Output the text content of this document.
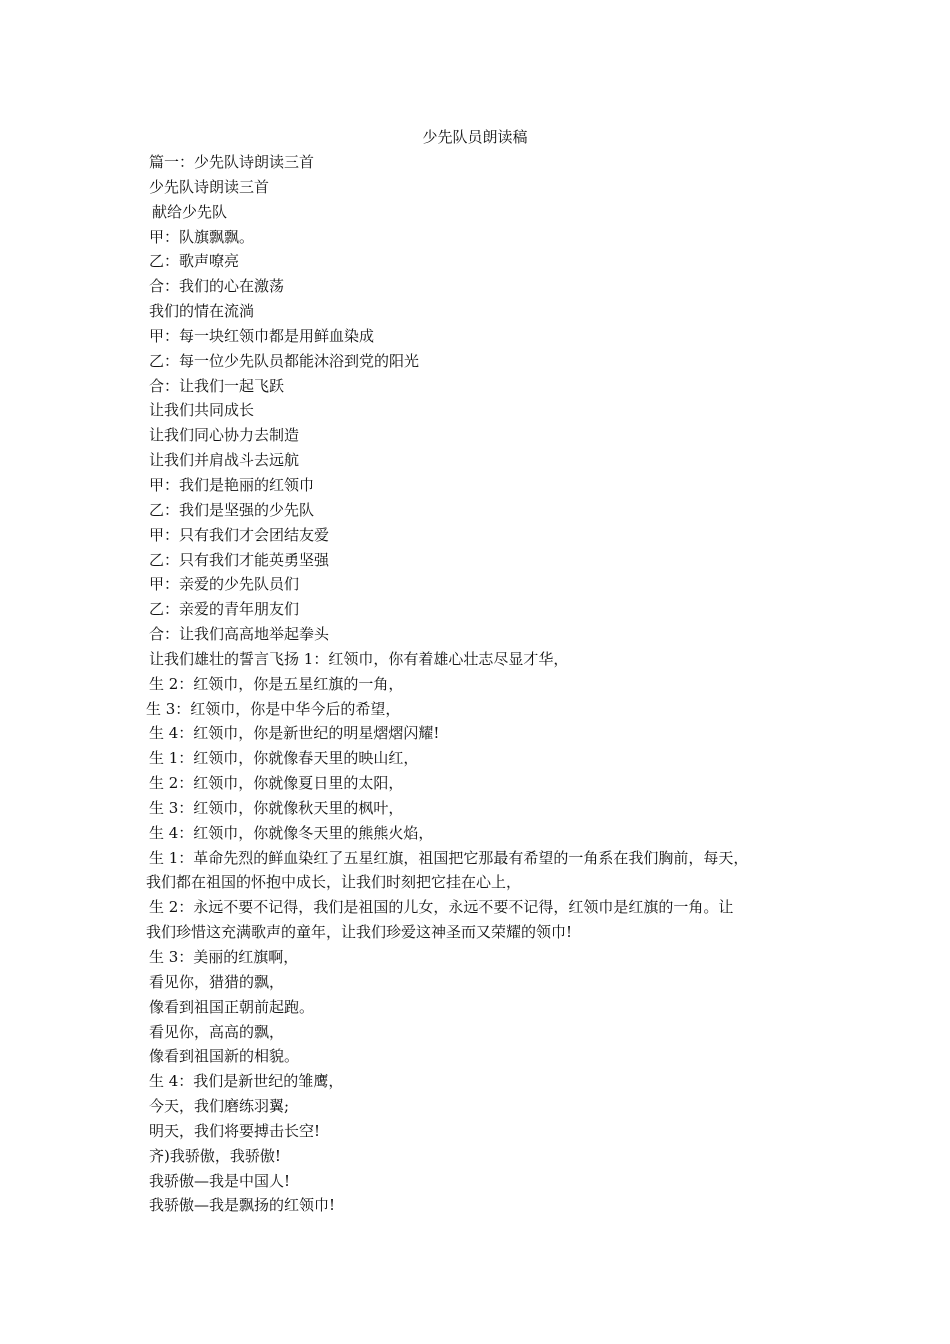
少先队员朗读稿
篇一：少先队诗朗读三首
少先队诗朗读三首
献给少先队
甲：队旗飘飘。
乙：歌声嘹亮
合：我们的心在激荡
我们的情在流淌
甲：每一块红领巾都是用鲜血染成
乙：每一位少先队员都能沐浴到党的阳光
合：让我们一起飞跃
让我们共同成长
让我们同心协力去制造
让我们并肩战斗去远航
甲：我们是艳丽的红领巾
乙：我们是坚强的少先队
甲：只有我们才会团结友爱
乙：只有我们才能英勇坚强
甲：亲爱的少先队员们
乙：亲爱的青年朋友们
合：让我们高高地举起拳头
让我们雄壮的誓言飞扬 1：红领巾，你有着雄心壮志尽显才华，
生 2：红领巾，你是五星红旗的一角，
生 3：红领巾，你是中华今后的希望，
生 4：红领巾，你是新世纪的明星熠熠闪耀!
生 1：红领巾，你就像春天里的映山红，
生 2：红领巾，你就像夏日里的太阳，
生 3：红领巾，你就像秋天里的枫叶，
生 4：红领巾，你就像冬天里的熊熊火焰，
生 1：革命先烈的鲜血染红了五星红旗，祖国把它那最有希望的一角系在我们胸前，每天，
我们都在祖国的怀抱中成长，让我们时刻把它挂在心上，
生 2：永远不要不记得，我们是祖国的儿女，永远不要不记得，红领巾是红旗的一角。让
我们珍惜这充满歌声的童年，让我们珍爱这神圣而又荣耀的领巾!
生 3：美丽的红旗啊，
看见你，猎猎的飘，
像看到祖国正朝前起跑。
看见你，高高的飘，
像看到祖国新的相貌。
生 4：我们是新世纪的雏鹰，
今天，我们磨练羽翼;
明天，我们将要搏击长空!
齐)我骄傲，我骄傲!
我骄傲—我是中国人!
我骄傲—我是飘扬的红领巾!
